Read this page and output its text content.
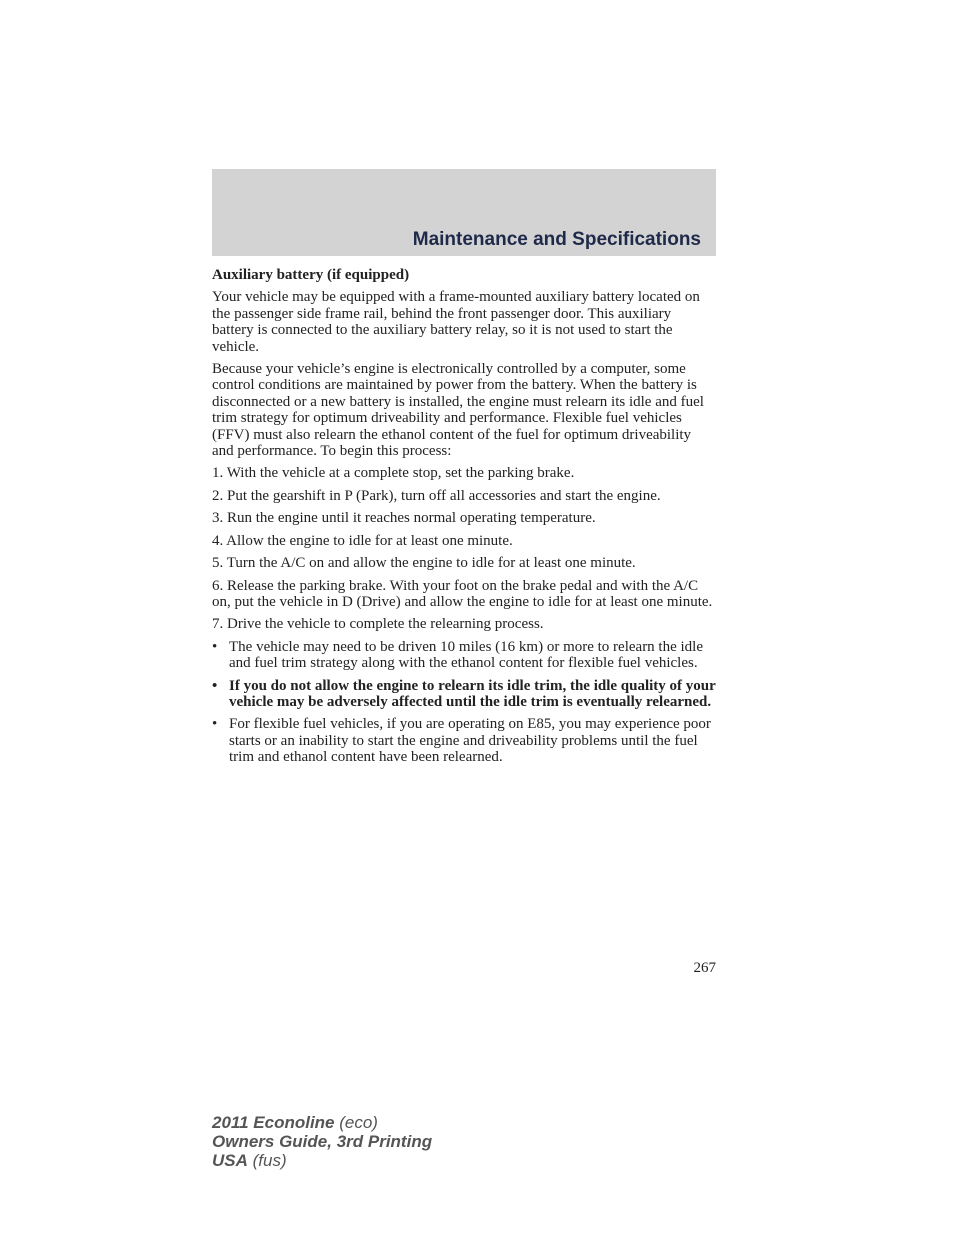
Maintenance and Specifications

Auxiliary battery (if equipped)

Your vehicle may be equipped with a frame-mounted auxiliary battery located on the passenger side frame rail, behind the front passenger door. This auxiliary battery is connected to the auxiliary battery relay, so it is not used to start the vehicle.

Because your vehicle’s engine is electronically controlled by a computer, some control conditions are maintained by power from the battery. When the battery is disconnected or a new battery is installed, the engine must relearn its idle and fuel trim strategy for optimum driveability and performance. Flexible fuel vehicles (FFV) must also relearn the ethanol content of the fuel for optimum driveability and performance. To begin this process:

1. With the vehicle at a complete stop, set the parking brake.

2. Put the gearshift in P (Park), turn off all accessories and start the engine.

3. Run the engine until it reaches normal operating temperature.

4. Allow the engine to idle for at least one minute.

5. Turn the A/C on and allow the engine to idle for at least one minute.

6. Release the parking brake. With your foot on the brake pedal and with the A/C on, put the vehicle in D (Drive) and allow the engine to idle for at least one minute.

7. Drive the vehicle to complete the relearning process.

• The vehicle may need to be driven 10 miles (16 km) or more to relearn the idle and fuel trim strategy along with the ethanol content for flexible fuel vehicles.
• If you do not allow the engine to relearn its idle trim, the idle quality of your vehicle may be adversely affected until the idle trim is eventually relearned.
• For flexible fuel vehicles, if you are operating on E85, you may experience poor starts or an inability to start the engine and driveability problems until the fuel trim and ethanol content have been relearned.
267
2011 Econoline (eco)
Owners Guide, 3rd Printing
USA (fus)
